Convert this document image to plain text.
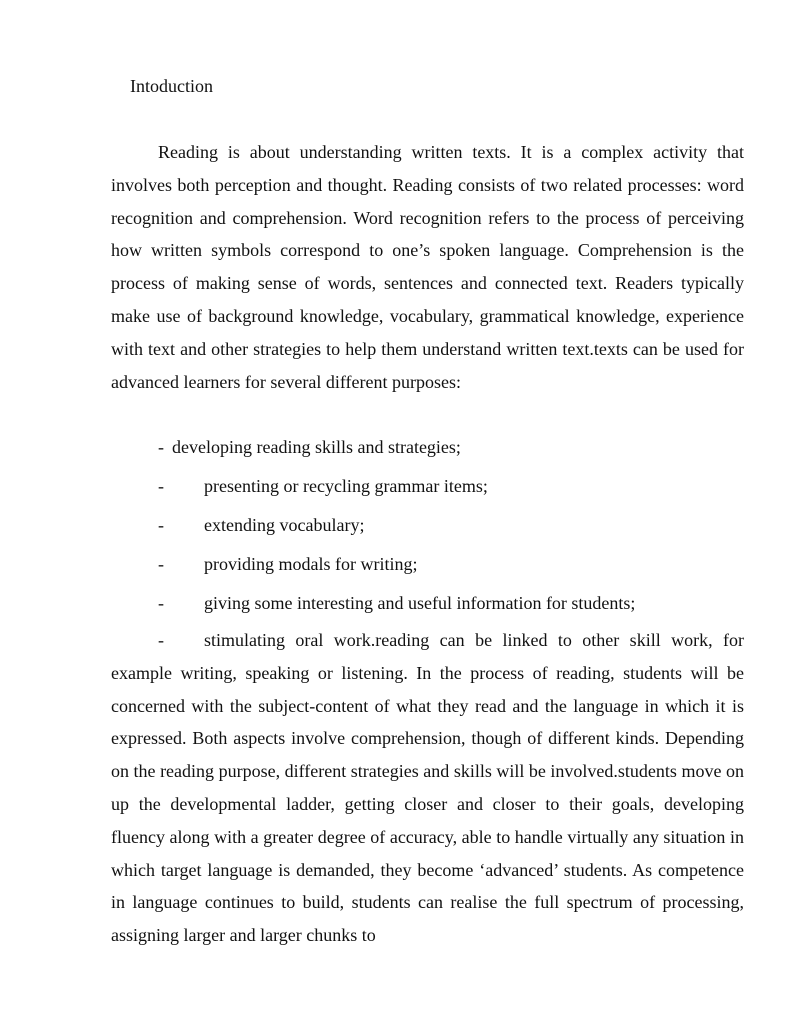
Intoduction

Reading is about understanding written texts. It is a complex activity that involves both perception and thought. Reading consists of two related processes: word recognition and comprehension. Word recognition refers to the process of perceiving how written symbols correspond to one’s spoken language. Comprehension is the process of making sense of words, sentences and connected text. Readers typically make use of background knowledge, vocabulary, grammatical knowledge, experience with text and other strategies to help them understand written text.texts can be used for advanced learners for several different purposes:

- developing reading skills and strategies;
- presenting or recycling grammar items;
- extending vocabulary;
- providing modals for writing;
- giving some interesting and useful information for students;

- stimulating oral work.reading can be linked to other skill work, for example writing, speaking or listening. In the process of reading, students will be concerned with the subject-content of what they read and the language in which it is expressed. Both aspects involve comprehension, though of different kinds. Depending on the reading purpose, different strategies and skills will be involved.students move on up the developmental ladder, getting closer and closer to their goals, developing fluency along with a greater degree of accuracy, able to handle virtually any situation in which target language is demanded, they become ‘advanced’ students. As competence in language continues to build, students can realise the full spectrum of processing, assigning larger and larger chunks to
